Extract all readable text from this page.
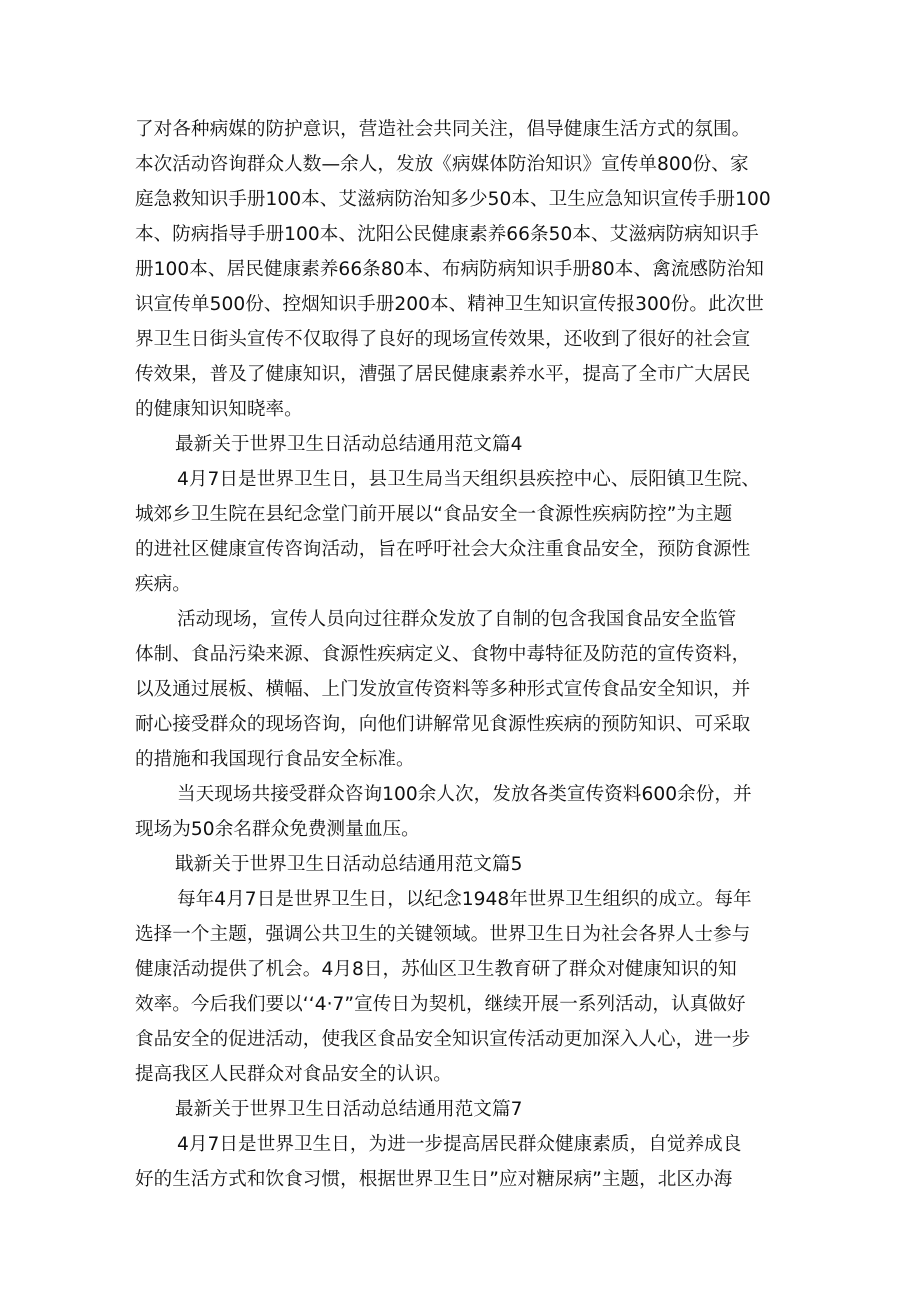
了对各种病媒的防护意识，营造社会共同关注，倡导健康生活方式的氛围。
本次活动咨询群众人数—余人，发放《病媒体防治知识》宣传单800份、家
庭急救知识手册100本、艾滋病防治知多少50本、卫生应急知识宣传手册100
本、防病指导手册100本、沈阳公民健康素养66条50本、艾滋病防病知识手
册100本、居民健康素养66条80本、布病防病知识手册80本、禽流感防治知
识宣传单500份、控烟知识手册200本、精神卫生知识宣传报300份。此次世
界卫生日街头宣传不仅取得了良好的现场宣传效果，还收到了很好的社会宣
传效果，普及了健康知识，漕强了居民健康素养水平，提高了全市广大居民
的健康知识知晓率。
最新关于世界卫生日活动总结通用范文篇4
4月7日是世界卫生日，县卫生局当天组织县疾控中心、辰阳镇卫生院、
城郊乡卫生院在县纪念堂门前开展以“食品安全一食源性疾病防控”为主题
的进社区健康宣传咨询活动，旨在呼吁社会大众注重食品安全，预防食源性
疾病。
活动现场，宣传人员向过往群众发放了自制的包含我国食品安全监管
体制、食品污染来源、食源性疾病定义、食物中毒特征及防范的宣传资料，
以及通过展板、横幅、上门发放宣传资料等多种形式宣传食品安全知识，并
耐心接受群众的现场咨询，向他们讲解常见食源性疾病的预防知识、可采取
的措施和我国现行食品安全标准。
当天现场共接受群众咨询100余人次，发放各类宣传资料600余份，并
现场为50余名群众免费测量血压。
戢新关于世界卫生日活动总结通用范文篇5
每年4月7日是世界卫生日，以纪念1948年世界卫生组织的成立。每年
选择一个主题，强调公共卫生的关键领域。世界卫生日为社会各界人士参与
健康活动提供了机会。4月8日，苏仙区卫生教育研了群众对健康知识的知
效率。今后我们要以‘‘4·7”宣传日为契机，继续开展一系列活动，认真做好
食品安全的促进活动，使我区食品安全知识宣传活动更加深入人心，进一步
提高我区人民群众对食品安全的认识。
最新关于世界卫生日活动总结通用范文篇7
4月7日是世界卫生日，为进一步提高居民群众健康素质，自觉养成良
好的生活方式和饮食习惯，根据世界卫生日”应对糖尿病”主题，北区办海
